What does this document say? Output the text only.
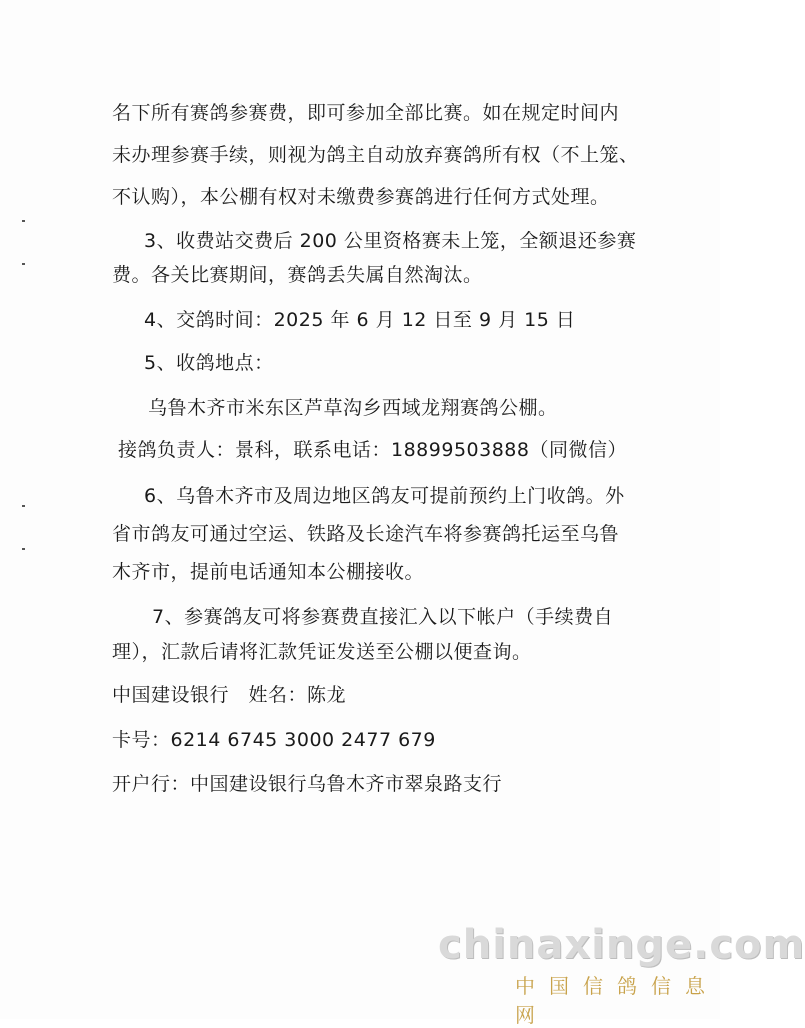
名下所有赛鸽参赛费，即可参加全部比赛。如在规定时间内
未办理参赛手续，则视为鸽主自动放弃赛鸽所有权（不上笼、
不认购），本公棚有权对未缴费参赛鸽进行任何方式处理。
3、收费站交费后 200 公里资格赛未上笼，全额退还参赛
费。各关比赛期间，赛鸽丢失属自然淘汰。
4、交鸽时间：2025 年 6 月 12 日至 9 月 15 日
5、收鸽地点：
乌鲁木齐市米东区芦草沟乡西域龙翔赛鸽公棚。
接鸽负责人：景科，联系电话：18899503888（同微信）
6、乌鲁木齐市及周边地区鸽友可提前预约上门收鸽。外
省市鸽友可通过空运、铁路及长途汽车将参赛鸽托运至乌鲁
木齐市，提前电话通知本公棚接收。
7、参赛鸽友可将参赛费直接汇入以下帐户（手续费自
理），汇款后请将汇款凭证发送至公棚以便查询。
中国建设银行　姓名：陈龙
卡号：6214 6745 3000 2477 679
开户行：中国建设银行乌鲁木齐市翠泉路支行
chinaxinge.com
中国信鸽信息网
